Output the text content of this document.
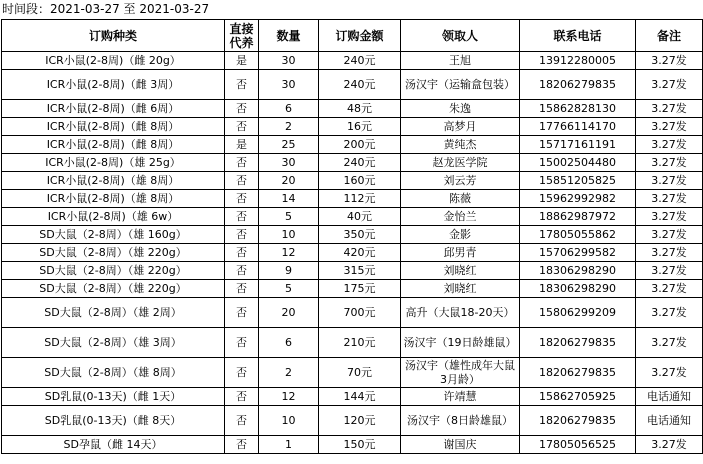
时间段：2021-03-27 至 2021-03-27
订购种类	直接代养	数量	订购金额	领取人	联系电话	备注
ICR小鼠(2-8周)（雌 20g）	是	30	240元	王旭	13912280005	3.27发
ICR小鼠(2-8周)（雌 3周）	否	30	240元	汤汉宇（运输盒包装）	18206279835	3.27发
ICR小鼠(2-8周)（雌 6周）	否	6	48元	朱逸	15862828130	3.27发
ICR小鼠(2-8周)（雌 8周）	否	2	16元	高梦月	17766114170	3.27发
ICR小鼠(2-8周)（雌 8周）	是	25	200元	黄纯杰	15717161191	3.27发
ICR小鼠(2-8周)（雄 25g）	否	30	240元	赵龙医学院	15002504480	3.27发
ICR小鼠(2-8周)（雄 8周）	否	20	160元	刘云芳	15851205825	3.27发
ICR小鼠(2-8周)（雄 8周）	否	14	112元	陈薇	15962992982	3.27发
ICR小鼠(2-8周)（雄 6w）	否	5	40元	金怡兰	18862987972	3.27发
SD大鼠（2-8周）（雄 160g）	否	10	350元	金影	17805055862	3.27发
SD大鼠（2-8周）（雄 220g）	否	12	420元	邱男青	15706299582	3.27发
SD大鼠（2-8周）（雄 220g）	否	9	315元	刘晓红	18306298290	3.27发
SD大鼠（2-8周）（雄 220g）	否	5	175元	刘晓红	18306298290	3.27发
SD大鼠（2-8周）（雄 2周）	否	20	700元	高升（大鼠18-20天）	15806299209	3.27发
SD大鼠（2-8周）（雄 3周）	否	6	210元	汤汉宇（19日龄雄鼠）	18206279835	3.27发
SD大鼠（2-8周）（雄 8周）	否	2	70元	汤汉宇（雄性成年大鼠3月龄）	18206279835	3.27发
SD乳鼠(0-13天)（雌 1天）	否	12	144元	许靖慧	15862705925	电话通知
SD乳鼠(0-13天)（雌 8天）	否	10	120元	汤汉宇（8日龄雄鼠）	18206279835	电话通知
SD孕鼠（雌 14天）	否	1	150元	谢国庆	17805056525	3.27发
